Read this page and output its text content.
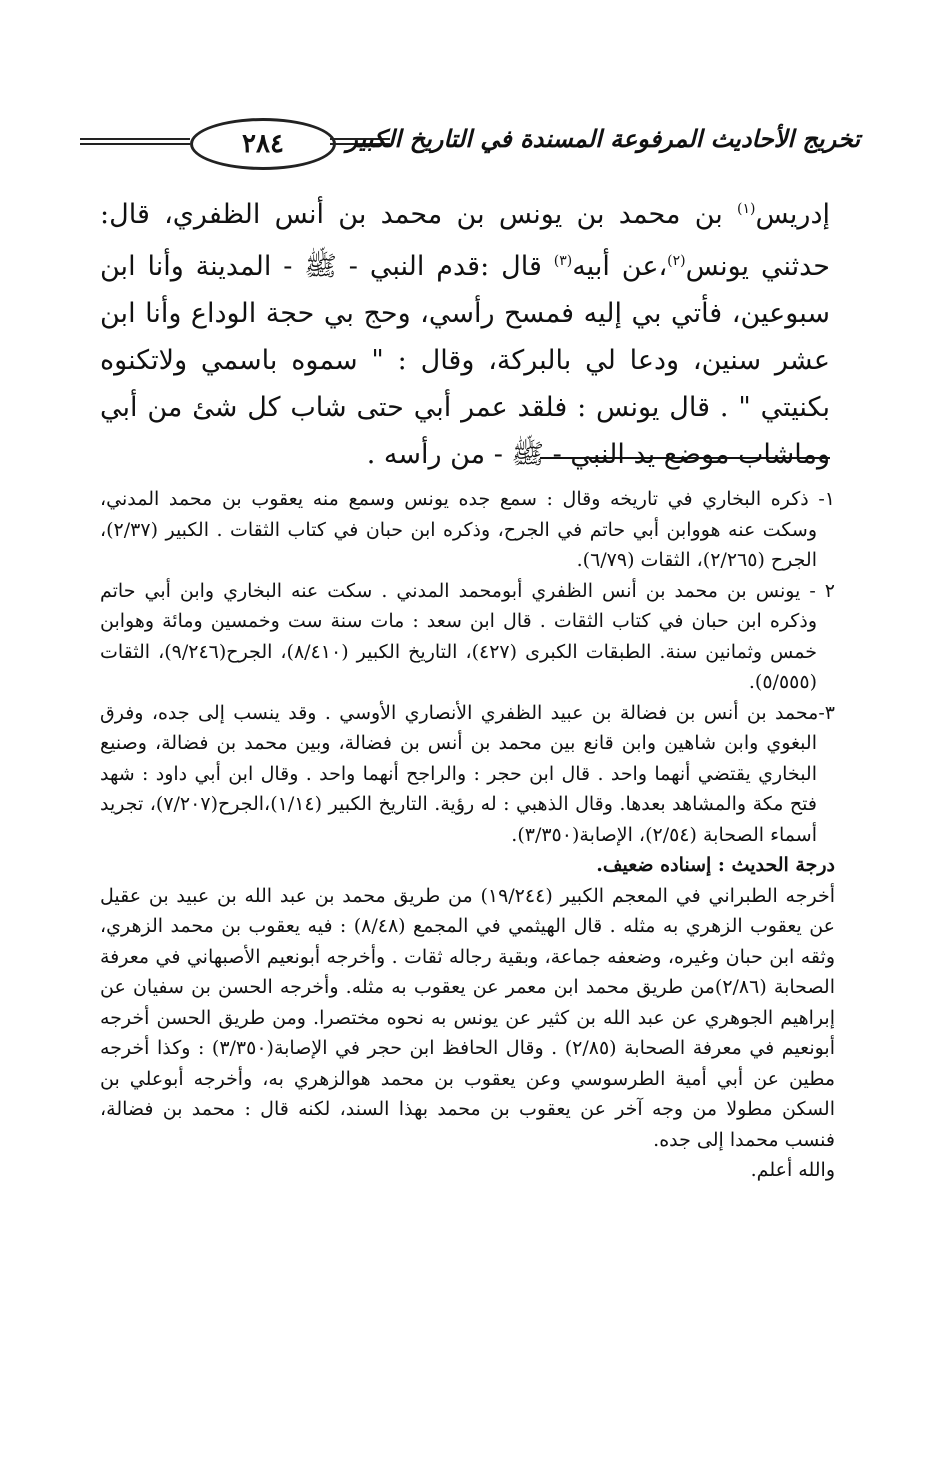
٢٨٤	تخريج الأحاديث المرفوعة المسندة في التاريخ الكبير

إدريس$^{(١)}$ بن محمد بن يونس بن محمد بن أنس الظفري، قال: حدثني يونس$^{(٢)}$،عن أبيه$^{(٣)}$ قال :قدم النبي - ﷺ - المدينة وأنا ابن سبوعين، فأتي بي إليه فمسح رأسي، وحج بي حجة الوداع وأنا ابن عشر سنين، ودعا لي بالبركة، وقال : " سموه باسمي ولاتكنوه بكنيتي " . قال يونس : فلقد عمر أبي حتى شاب كل شئ من أبي وماشاب موضع يد النبي - ﷺ - من رأسه .

١- ذكره البخاري في تاريخه وقال : سمع جده يونس وسمع منه يعقوب بن محمد المدني، وسكت عنه هووابن أبي حاتم في الجرح، وذكره ابن حبان في كتاب الثقات . الكبير (٢/٣٧)، الجرح (٢/٢٦٥)، الثقات (٦/٧٩).

٢ - يونس بن محمد بن أنس الظفري أبومحمد المدني . سكت عنه البخاري وابن أبي حاتم وذكره ابن حبان في كتاب الثقات . قال ابن سعد : مات سنة ست وخمسين ومائة وهوابن خمس وثمانين سنة. الطبقات الكبرى (٤٢٧)، التاريخ الكبير (٨/٤١٠)، الجرح(٩/٢٤٦)، الثقات (٥/٥٥٥).

٣-محمد بن أنس بن فضالة بن عبيد الظفري الأنصاري الأوسي . وقد ينسب إلى جده، وفرق البغوي وابن شاهين وابن قانع بين محمد بن أنس بن فضالة، وبين محمد بن فضالة، وصنيع البخاري يقتضي أنهما واحد . قال ابن حجر : والراجح أنهما واحد . وقال ابن أبي داود : شهد فتح مكة والمشاهد بعدها. وقال الذهبي : له رؤية. التاريخ الكبير (١/١٤)،الجرح(٧/٢٠٧)، تجريد أسماء الصحابة (٢/٥٤)، الإصابة(٣/٣٥٠).

درجة الحديث : إسناده ضعيف.

أخرجه الطبراني في المعجم الكبير (١٩/٢٤٤) من طريق محمد بن عبد الله بن عبيد بن عقيل عن يعقوب الزهري به مثله . قال الهيثمي في المجمع (٨/٤٨) : فيه يعقوب بن محمد الزهري، وثقه ابن حبان وغيره، وضعفه جماعة، وبقية رجاله ثقات . وأخرجه أبونعيم الأصبهاني في معرفة الصحابة (٢/٨٦)من طريق محمد ابن معمر عن يعقوب به مثله. وأخرجه الحسن بن سفيان عن إبراهيم الجوهري عن عبد الله بن كثير عن يونس به نحوه مختصرا. ومن طريق الحسن أخرجه أبونعيم في معرفة الصحابة (٢/٨٥) . وقال الحافظ ابن حجر في الإصابة(٣/٣٥٠) : وكذا أخرجه مطين عن أبي أمية الطرسوسي وعن يعقوب بن محمد هوالزهري به، وأخرجه أبوعلي بن السكن مطولا من وجه آخر عن يعقوب بن محمد بهذا السند، لكنه قال : محمد بن فضالة، فنسب محمدا إلى جده.

والله أعلم.
